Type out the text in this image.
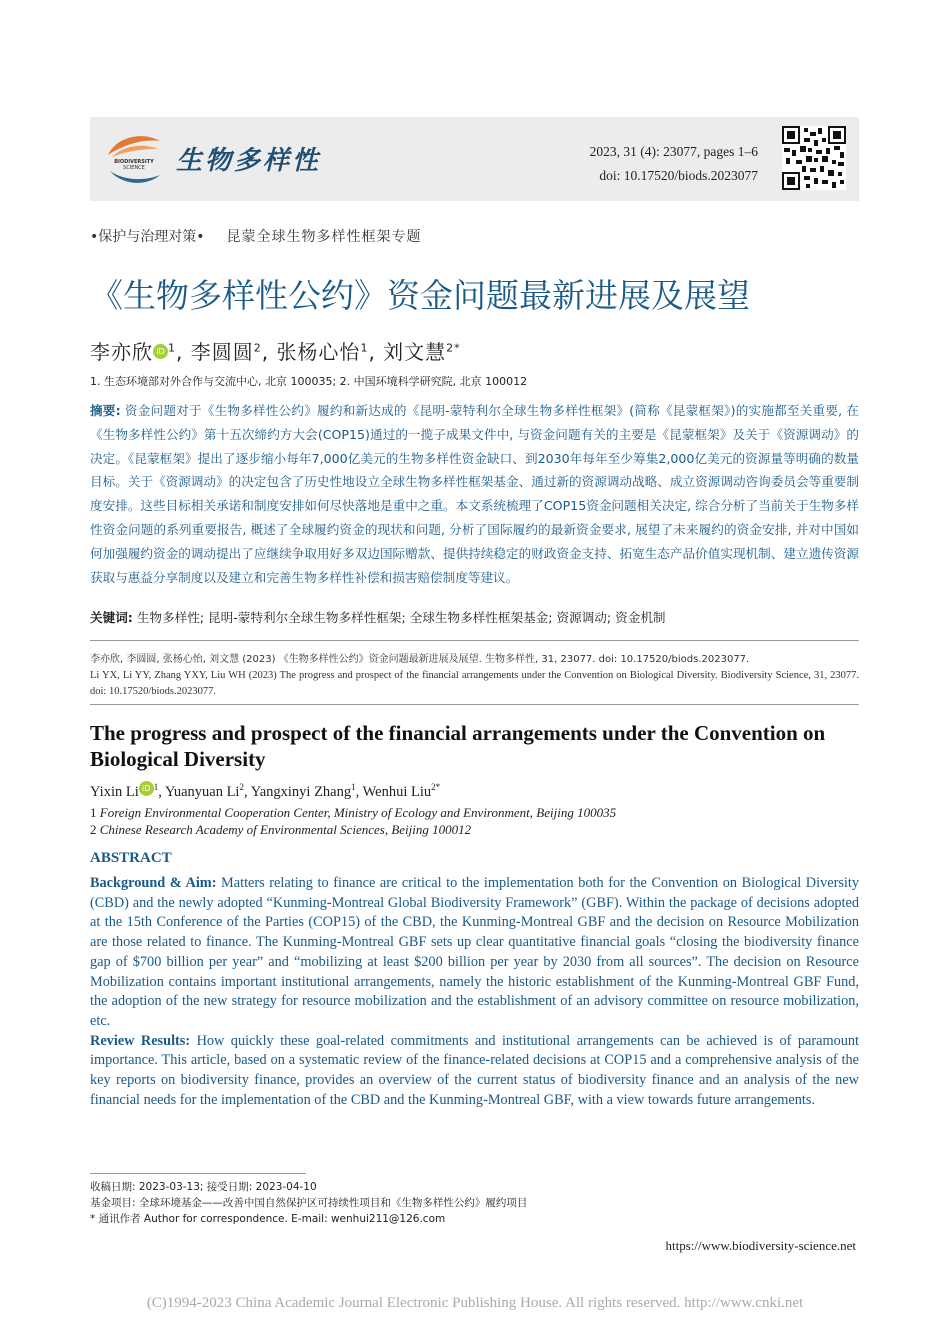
BIODIVERSITY
SCIENCE 生物多样性	2023, 31 (4): 23077, pages 1–6
doi: 10.17520/biods.2023077
•保护与治理对策• 昆蒙全球生物多样性框架专题
《生物多样性公约》资金问题最新进展及展望
李亦欣 iD $^1$, 李圆圆$^2$, 张杨心怡$^1$, 刘文慧$^{2*}$
1. 生态环境部对外合作与交流中心, 北京 100035; 2. 中国环境科学研究院, 北京 100012
摘要: 资金问题对于《生物多样性公约》履约和新达成的《昆明-蒙特利尔全球生物多样性框架》(简称《昆蒙框架》)的实施都至关重要, 在《生物多样性公约》第十五次缔约方大会(COP15)通过的一揽子成果文件中, 与资金问题有关的主要是《昆蒙框架》及关于《资源调动》的决定。《昆蒙框架》提出了逐步缩小每年7,000亿美元的生物多样性资金缺口、到2030年每年至少筹集2,000亿美元的资源量等明确的数量目标。关于《资源调动》的决定包含了历史性地设立全球生物多样性框架基金、通过新的资源调动战略、成立资源调动咨询委员会等重要制度安排。这些目标相关承诺和制度安排如何尽快落地是重中之重。本文系统梳理了COP15资金问题相关决定, 综合分析了当前关于生物多样性资金问题的系列重要报告, 概述了全球履约资金的现状和问题, 分析了国际履约的最新资金要求, 展望了未来履约的资金安排, 并对中国如何加强履约资金的调动提出了应继续争取用好多双边国际赠款、提供持续稳定的财政资金支持、拓宽生态产品价值实现机制、建立遗传资源获取与惠益分享制度以及建立和完善生物多样性补偿和损害赔偿制度等建议。
关键词: 生物多样性; 昆明-蒙特利尔全球生物多样性框架; 全球生物多样性框架基金; 资源调动; 资金机制
李亦欣, 李圆圆, 张杨心怡, 刘文慧 (2023) 《生物多样性公约》资金问题最新进展及展望. 生物多样性, 31, 23077. doi: 10.17520/biods.2023077.
Li YX, Li YY, Zhang YXY, Liu WH (2023) The progress and prospect of the financial arrangements under the Convention on Biological Diversity. Biodiversity Science, 31, 23077. doi: 10.17520/biods.2023077.
The progress and prospect of the financial arrangements under the Convention on Biological Diversity
Yixin Li iD $^1$, Yuanyuan Li$^2$, Yangxinyi Zhang$^1$, Wenhui Liu$^{2*}$
1 Foreign Environmental Cooperation Center, Ministry of Ecology and Environment, Beijing 100035
2 Chinese Research Academy of Environmental Sciences, Beijing 100012
ABSTRACT

Background & Aim: Matters relating to finance are critical to the implementation both for the Convention on Biological Diversity (CBD) and the newly adopted “Kunming-Montreal Global Biodiversity Framework” (GBF). Within the package of decisions adopted at the 15th Conference of the Parties (COP15) of the CBD, the Kunming-Montreal GBF and the decision on Resource Mobilization are those related to finance. The Kunming-Montreal GBF sets up clear quantitative financial goals “closing the biodiversity finance gap of $700 billion per year” and “mobilizing at least $200 billion per year by 2030 from all sources”. The decision on Resource Mobilization contains important institutional arrangements, namely the historic establishment of the Kunming-Montreal GBF Fund, the adoption of the new strategy for resource mobilization and the establishment of an advisory committee on resource mobilization, etc.

Review Results: How quickly these goal-related commitments and institutional arrangements can be achieved is of paramount importance. This article, based on a systematic review of the finance-related decisions at COP15 and a comprehensive analysis of the key reports on biodiversity finance, provides an overview of the current status of biodiversity finance and an analysis of the new financial needs for the implementation of the CBD and the Kunming-Montreal GBF, with a view towards future arrangements.

收稿日期: 2023-03-13; 接受日期: 2023-04-10
基金项目: 全球环境基金——改善中国自然保护区可持续性项目和《生物多样性公约》履约项目
* 通讯作者 Author for correspondence. E-mail: wenhui211@126.com
https://www.biodiversity-science.net
(C)1994-2023 China Academic Journal Electronic Publishing House. All rights reserved. http://www.cnki.net
